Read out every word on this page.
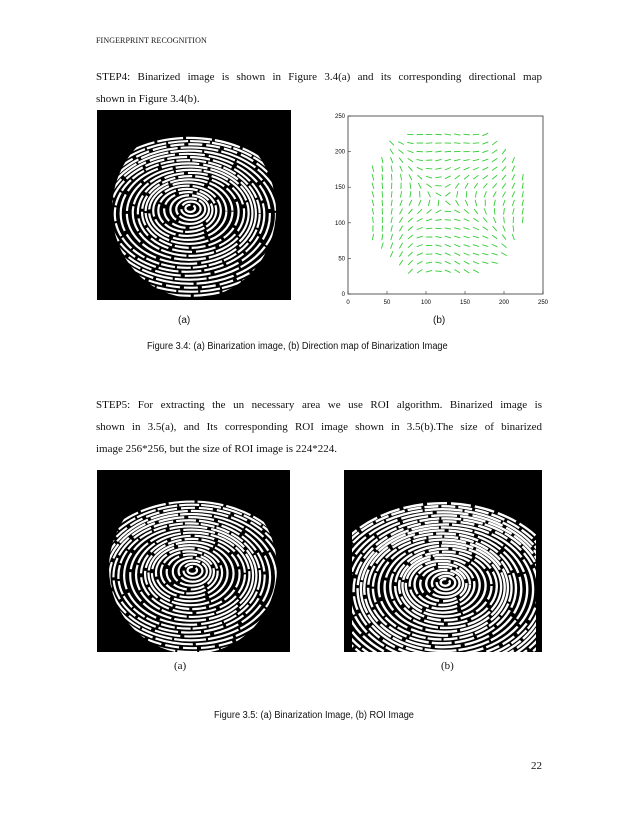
FINGERPRINT RECOGNITION
STEP4: Binarized image is shown in Figure 3.4(a) and its corresponding directional map
shown in Figure 3.4(b).
0	50	100	150	200	250
0
50
100
150
200
250
(a)	(b)
Figure 3.4: (a) Binarization image, (b) Direction map of Binarization Image
STEP5: For extracting the un necessary area we use ROI algorithm. Binarized image is
shown in 3.5(a), and Its corresponding ROI image shown in 3.5(b).The size of binarized
image 256*256, but the size of ROI image is 224*224.
(a)	(b)
Figure 3.5: (a) Binarization Image, (b) ROI Image
22
